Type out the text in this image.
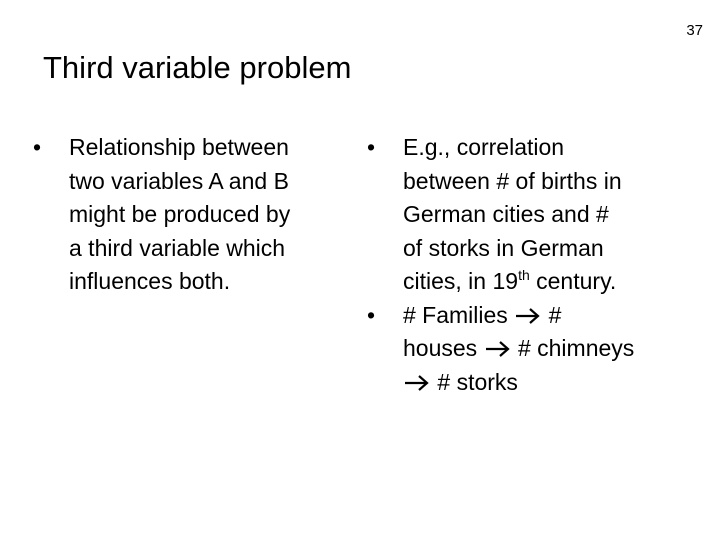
37
Third variable problem
• Relationship between
two variables A and B
might be produced by
a third variable which
influences both.
• E.g., correlation
between # of births in
German cities and #
of storks in German
cities, in 19th century.
• # Families  #
houses  # chimneys
# storks
